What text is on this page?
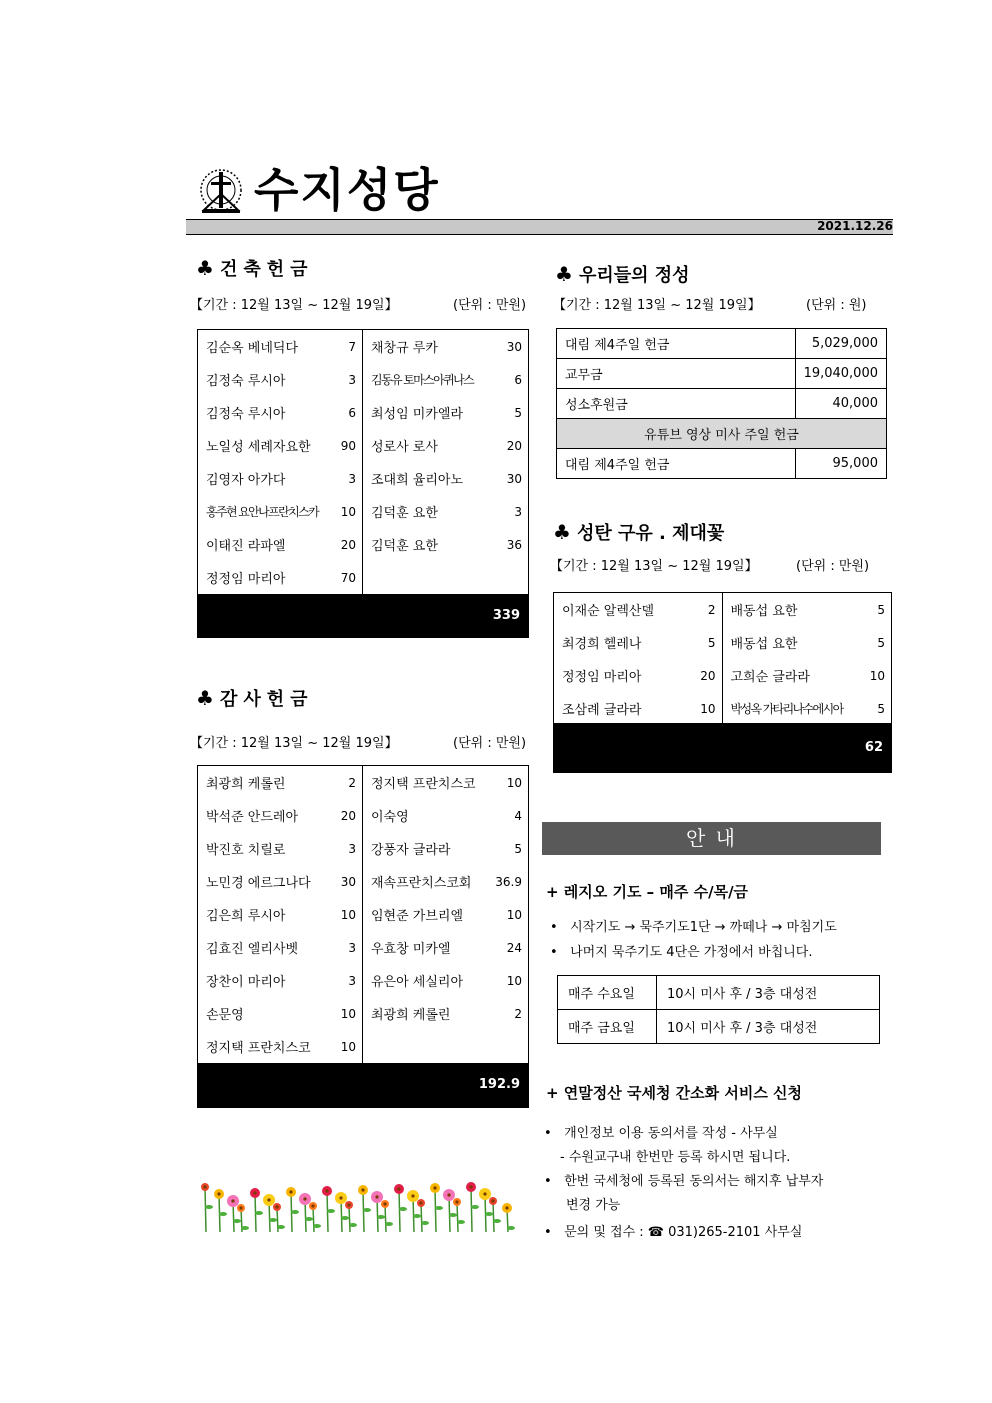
수지성당
2021.12.26
♣ 건축헌금
【기간 : 12월 13일 ~ 12월 19일】	(단위 : 만원)
김순옥 베네딕다	7 채창규 루카	30
김정숙 루시아	3 김동유 토마스아퀴나스	6
김정숙 루시아	6 최성임 미카엘라	5
노일성 세례자요한	90 성로사 로사	20
김영자 아가다	3 조대희 율리아노	30
홍주현 요안나프란치스카 10 김덕훈 요한	3
이태진 라파엘	20 김덕훈 요한	36
정정임 마리아	70
339
♣ 감사헌금
【기간 : 12월 13일 ~ 12월 19일】	(단위 : 만원)
최광희 케롤린	2 정지택 프란치스코	10
박석준 안드레아	20 이숙영	4
박진호 치릴로	3 강풍자 글라라	5
노민경 에르그나다	30 재속프란치스코회 36.9
김은희 루시아	10 임현준 가브리엘	10
김효진 엘리사벳	3 우효창 미카엘	24
장찬이 마리아	3 유은아 세실리아	10
손문영	10 최광희 케롤린	2
정지택 프란치스코	10
192.9
♣ 우리들의 정성
【기간 : 12월 13일 ~ 12월 19일】	(단위 : 원)
대림 제4주일 헌금	5,029,000
교무금	19,040,000
성소후원금	40,000
유튜브 영상 미사 주일 헌금	
대림 제4주일 헌금	95,000
♣ 성탄 구유 . 제대꽃
【기간 : 12월 13일 ~ 12월 19일】	(단위 : 만원)
이재순 알렉산델	2 배동섭 요한	5
최경희 헬레나	5 배동섭 요한	5
정정임 마리아	20 고희순 글라라	10
조삼례 글라라	10 박성옥 가타리나수에시아	5
62
안 내
+ 레지오 기도 – 매주 수/목/금
•   시작기도 → 묵주기도1단 → 까떼나 → 마침기도
•   나머지 묵주기도 4단은 가정에서 바칩니다.
매주 수요일	10시 미사 후 / 3층 대성전
매주 금요일	10시 미사 후 / 3층 대성전
+ 연말정산 국세청 간소화 서비스 신청
•   개인정보 이용 동의서를 작성 - 사무실
- 수원교구내 한번만 등록 하시면 됩니다.
•   한번 국세청에 등록된 동의서는 해지후 납부자
변경 가능
•   문의 및 접수 : ☎ 031)265-2101 사무실
